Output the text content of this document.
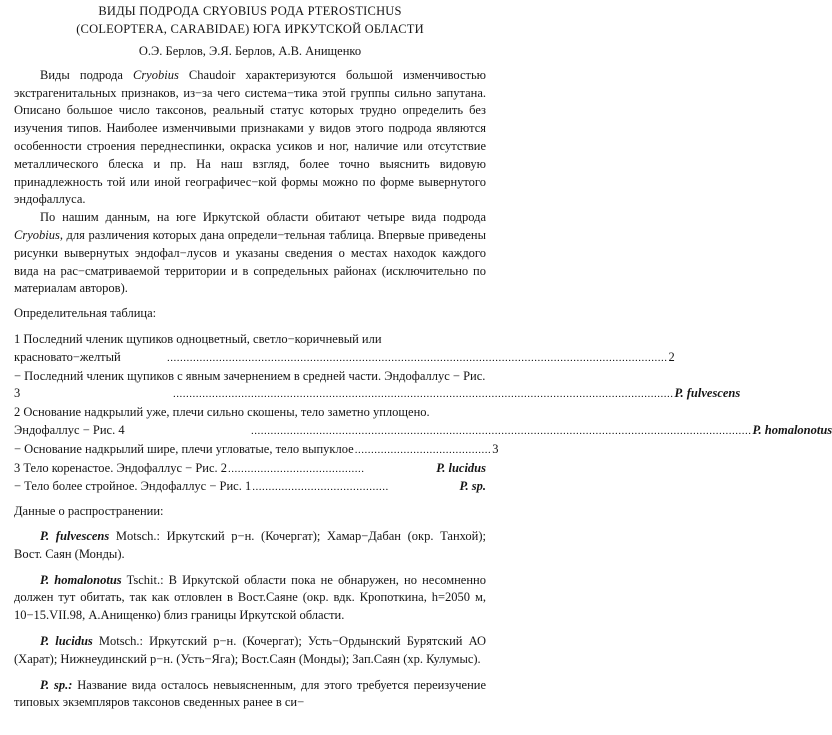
ВИДЫ ПОДРОДА CRYOBIUS РОДА PTEROSTICHUS

(COLEOPTERA, CARABIDAE) ЮГА ИРКУТСКОЙ ОБЛАСТИ

О.Э. Берлов, Э.Я. Берлов, А.В. Анищенко

Виды подрода Cryobius Chaudoir характеризуются большой изменчивостью экстрагенитальных признаков, из−за чего система−тика этой группы сильно запутана. Описано большое число таксонов, реальный статус которых трудно определить без изучения типов. Наиболее изменчивыми признаками у видов этого подрода являются особенности строения переднеспинки, окраска усиков и ног, наличие или отсутствие металлического блеска и пр. На наш взгляд, более точно выяснить видовую принадлежность той или иной географичес−кой формы можно по форме вывернутого эндофаллуса.

По нашим данным, на юге Иркутской области обитают четыре вида подрода Cryobius, для различения которых дана определи−тельная таблица. Впервые приведены рисунки вывернутых эндофал−лусов и указаны сведения о местах находок каждого вида на рас−сматриваемой территории и в сопредельных районах (исключительно по материалам авторов).

Определительная таблица:

1 Последний членик щупиков одноцветный, светло−коричневый или красновато−желтый	.......................................................................................................................................................... 2

− Последний членик щупиков с явным зачернением в средней части. Эндофаллус − Рис. 3	.......................................................................................................................................................... P. fulvescens

2 Основание надкрылий уже, плечи сильно скошены, тело заметно уплощено. Эндофаллус − Рис. 4	.......................................................................................................................................................... P. homalonotus
− Основание надкрылий шире, плечи угловатые, тело выпуклое .......................................... 3
3 Тело коренастое. Эндофаллус − Рис. 2 ..........................................	P. lucidus
− Тело более стройное. Эндофаллус − Рис. 1 ..........................................	P. sp.

Данные о распространении:

P. fulvescens Motsch.: Иркутский р−н. (Кочергат); Хамар−Дабан (окр. Танхой); Вост. Саян (Монды).

P. homalonotus Tschit.: В Иркутской области пока не обнаружен, но несомненно должен тут обитать, так как отловлен в Вост.Саяне (окр. вдк. Кропоткина, h=2050 м, 10−15.VII.98, А.Анищенко) близ границы Иркутской области.

P. lucidus Motsch.: Иркутский р−н. (Кочергат); Усть−Ордынский Бурятский АО (Харат); Нижнеудинский р−н. (Усть−Яга); Вост.Саян (Монды); Зап.Саян (хр. Кулумыс).

P. sp.: Название вида осталось невыясненным, для этого требуется переизучение типовых экземпляров таксонов сведенных ранее в си−
